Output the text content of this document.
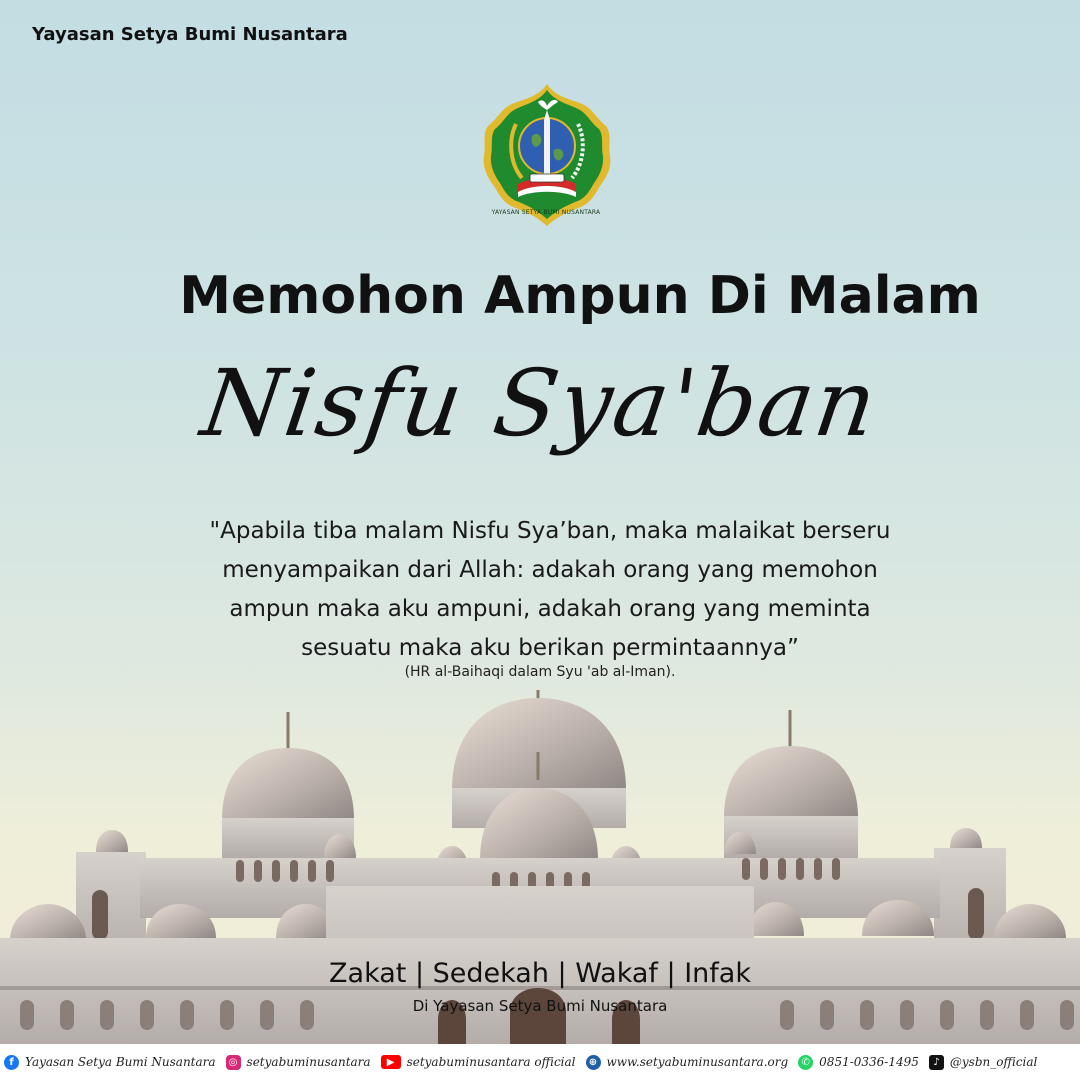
Yayasan Setya Bumi Nusantara
YAYASAN SETYA BUMI NUSANTARA
Memohon Ampun Di Malam
Nisfu Sya'ban
"Apabila tiba malam Nisfu Sya’ban, maka malaikat berseru
menyampaikan dari Allah: adakah orang yang memohon
ampun maka aku ampuni, adakah orang yang meminta
sesuatu maka aku berikan permintaannya”
(HR al-Baihaqi dalam Syu 'ab al-Iman).
Zakat | Sedekah | Wakaf | Infak
Di Yayasan Setya Bumi Nusantara
f Yayasan Setya Bumi Nusantara	◎ setyabuminusantara	▶	setyabuminusantara official	⊕ www.setyabuminusantara.org	✆ 0851-0336-1495	♪ @ysbn_official
